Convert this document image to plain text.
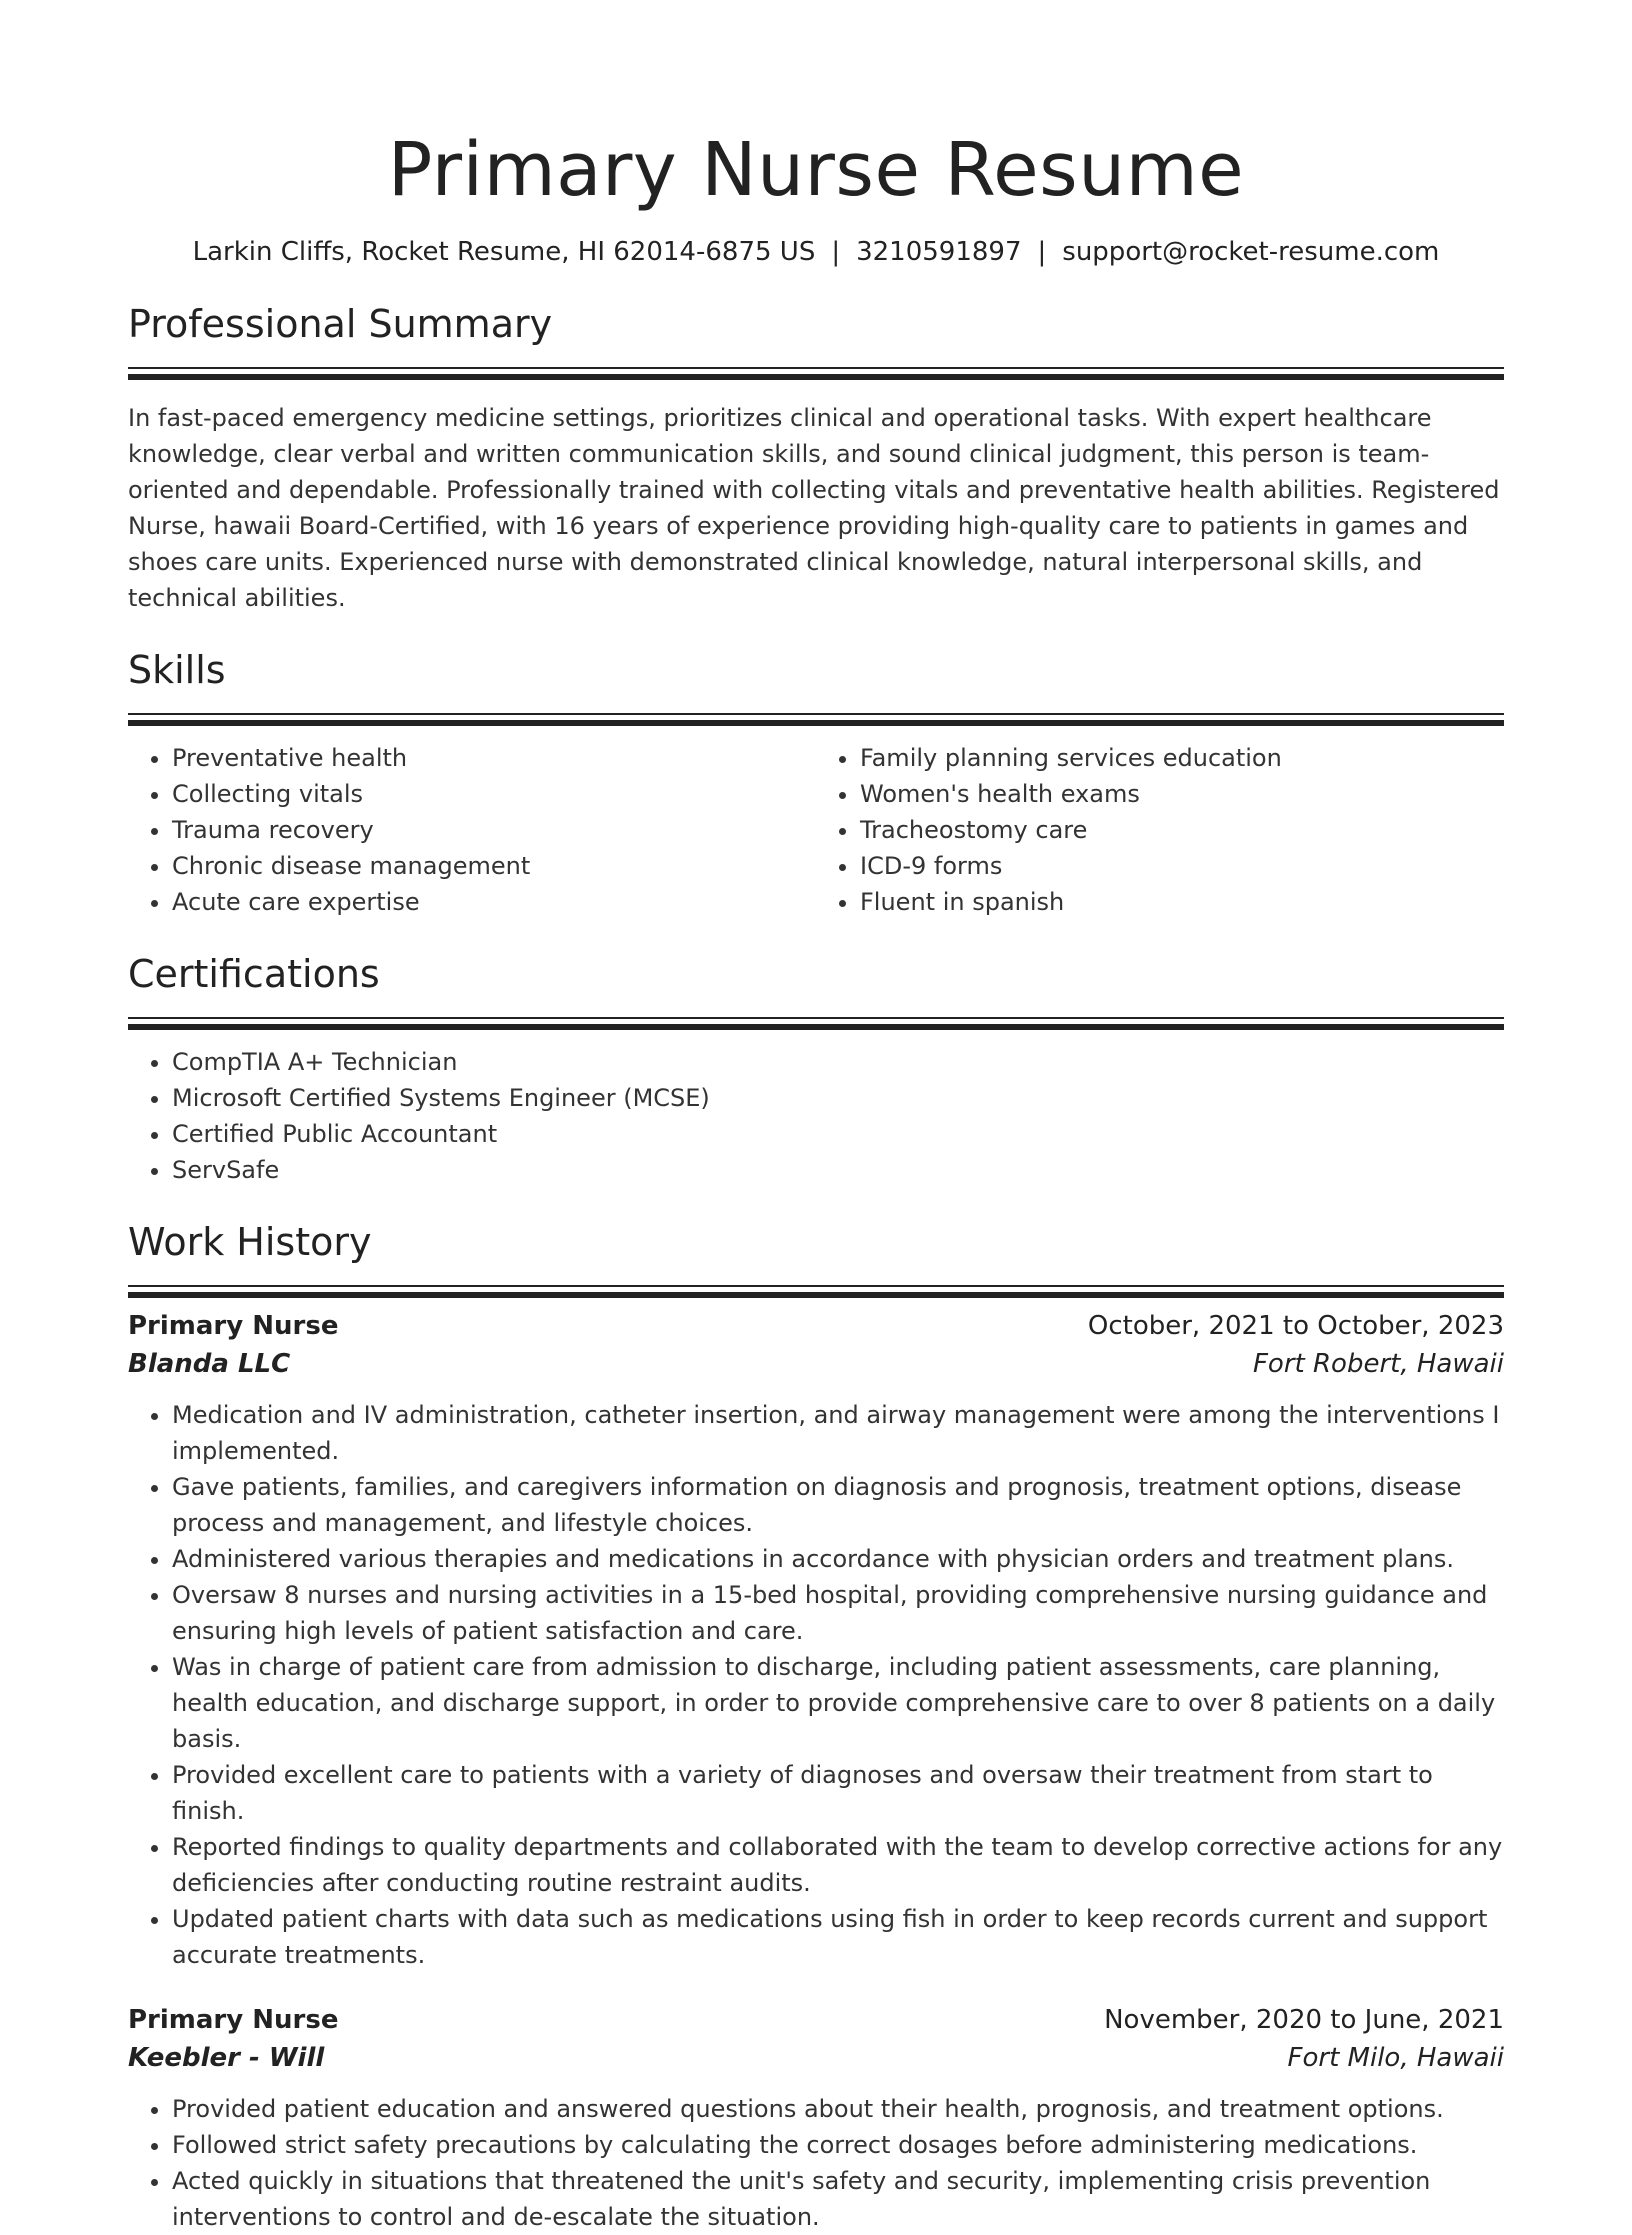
Primary Nurse Resume
Larkin Cliffs, Rocket Resume, HI 62014-6875 US | 3210591897 | support@rocket-resume.com
Professional Summary
In fast-paced emergency medicine settings, prioritizes clinical and operational tasks. With expert healthcare knowledge, clear verbal and written communication skills, and sound clinical judgment, this person is team-oriented and dependable. Professionally trained with collecting vitals and preventative health abilities. Registered Nurse, hawaii Board-Certified, with 16 years of experience providing high-quality care to patients in games and shoes care units. Experienced nurse with demonstrated clinical knowledge, natural interpersonal skills, and technical abilities.
Skills
• Preventative health
• Collecting vitals
• Trauma recovery
• Chronic disease management
• Acute care expertise
• Family planning services education
• Women's health exams
• Tracheostomy care
• ICD-9 forms
• Fluent in spanish
Certifications
• CompTIA A+ Technician
• Microsoft Certified Systems Engineer (MCSE)
• Certified Public Accountant
• ServSafe
Work History
Primary Nurse	October, 2021 to October, 2023
Blanda LLC	Fort Robert, Hawaii
• Medication and IV administration, catheter insertion, and airway management were among the interventions I implemented.
• Gave patients, families, and caregivers information on diagnosis and prognosis, treatment options, disease process and management, and lifestyle choices.
• Administered various therapies and medications in accordance with physician orders and treatment plans.
• Oversaw 8 nurses and nursing activities in a 15-bed hospital, providing comprehensive nursing guidance and ensuring high levels of patient satisfaction and care.
• Was in charge of patient care from admission to discharge, including patient assessments, care planning, health education, and discharge support, in order to provide comprehensive care to over 8 patients on a daily basis.
• Provided excellent care to patients with a variety of diagnoses and oversaw their treatment from start to finish.
• Reported findings to quality departments and collaborated with the team to develop corrective actions for any deficiencies after conducting routine restraint audits.
• Updated patient charts with data such as medications using fish in order to keep records current and support accurate treatments.
Primary Nurse	November, 2020 to June, 2021
Keebler - Will	Fort Milo, Hawaii
• Provided patient education and answered questions about their health, prognosis, and treatment options.
• Followed strict safety precautions by calculating the correct dosages before administering medications.
• Acted quickly in situations that threatened the unit's safety and security, implementing crisis prevention interventions to control and de-escalate the situation.
